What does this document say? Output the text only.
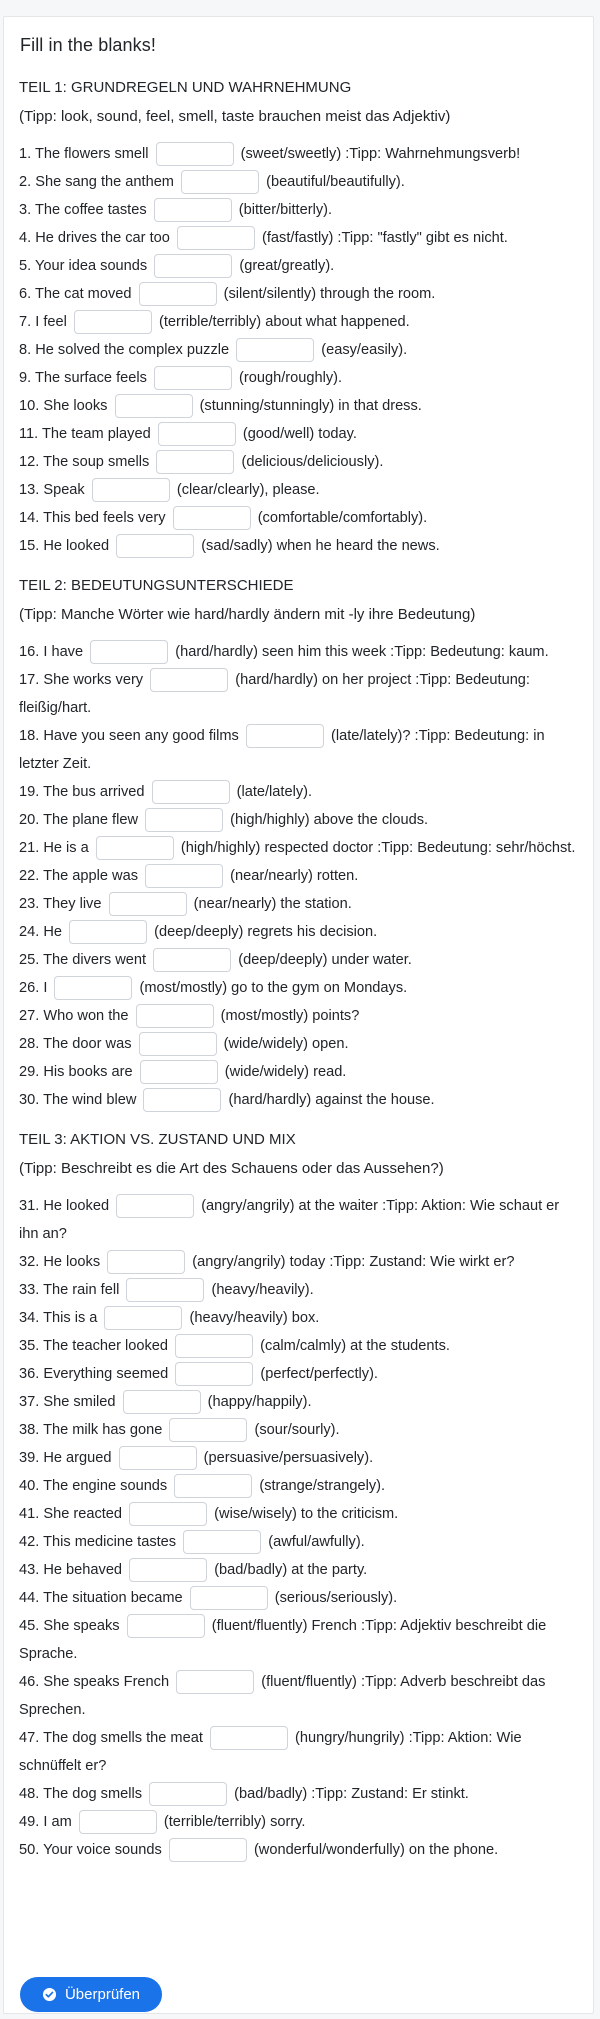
Fill in the blanks!
TEIL 1: GRUNDREGELN UND WAHRNEHMUNG
(Tipp: look, sound, feel, smell, taste brauchen meist das Adjektiv)
1. The flowers smell	(sweet/sweetly) :Tipp: Wahrnehmungsverb!
2. She sang the anthem	(beautiful/beautifully).
3. The coffee tastes	(bitter/bitterly).
4. He drives the car too	(fast/fastly) :Tipp: "fastly" gibt es nicht.
5. Your idea sounds	(great/greatly).
6. The cat moved	(silent/silently) through the room.
7. I feel	(terrible/terribly) about what happened.
8. He solved the complex puzzle	(easy/easily).
9. The surface feels	(rough/roughly).
10. She looks	(stunning/stunningly) in that dress.
11. The team played	(good/well) today.
12. The soup smells	(delicious/deliciously).
13. Speak	(clear/clearly), please.
14. This bed feels very	(comfortable/comfortably).
15. He looked	(sad/sadly) when he heard the news.
TEIL 2: BEDEUTUNGSUNTERSCHIEDE
(Tipp: Manche Wörter wie hard/hardly ändern mit -ly ihre Bedeutung)
16. I have	(hard/hardly) seen him this week :Tipp: Bedeutung: kaum.
17. She works very	(hard/hardly) on her project :Tipp: Bedeutung: fleißig/hart.
18. Have you seen any good films	(late/lately)? :Tipp: Bedeutung: in letzter Zeit.
19. The bus arrived	(late/lately).
20. The plane flew	(high/highly) above the clouds.
21. He is a	(high/highly) respected doctor :Tipp: Bedeutung: sehr/höchst.
22. The apple was	(near/nearly) rotten.
23. They live	(near/nearly) the station.
24. He	(deep/deeply) regrets his decision.
25. The divers went	(deep/deeply) under water.
26. I	(most/mostly) go to the gym on Mondays.
27. Who won the	(most/mostly) points?
28. The door was	(wide/widely) open.
29. His books are	(wide/widely) read.
30. The wind blew	(hard/hardly) against the house.
TEIL 3: AKTION VS. ZUSTAND UND MIX
(Tipp: Beschreibt es die Art des Schauens oder das Aussehen?)
31. He looked	(angry/angrily) at the waiter :Tipp: Aktion: Wie schaut er ihn an?
32. He looks	(angry/angrily) today :Tipp: Zustand: Wie wirkt er?
33. The rain fell	(heavy/heavily).
34. This is a	(heavy/heavily) box.
35. The teacher looked	(calm/calmly) at the students.
36. Everything seemed	(perfect/perfectly).
37. She smiled	(happy/happily).
38. The milk has gone	(sour/sourly).
39. He argued	(persuasive/persuasively).
40. The engine sounds	(strange/strangely).
41. She reacted	(wise/wisely) to the criticism.
42. This medicine tastes	(awful/awfully).
43. He behaved	(bad/badly) at the party.
44. The situation became	(serious/seriously).
45. She speaks	(fluent/fluently) French :Tipp: Adjektiv beschreibt die Sprache.
46. She speaks French	(fluent/fluently) :Tipp: Adverb beschreibt das Sprechen.
47. The dog smells the meat	(hungry/hungrily) :Tipp: Aktion: Wie schnüffelt er?
48. The dog smells	(bad/badly) :Tipp: Zustand: Er stinkt.
49. I am	(terrible/terribly) sorry.
50. Your voice sounds	(wonderful/wonderfully) on the phone.
Überprüfen
